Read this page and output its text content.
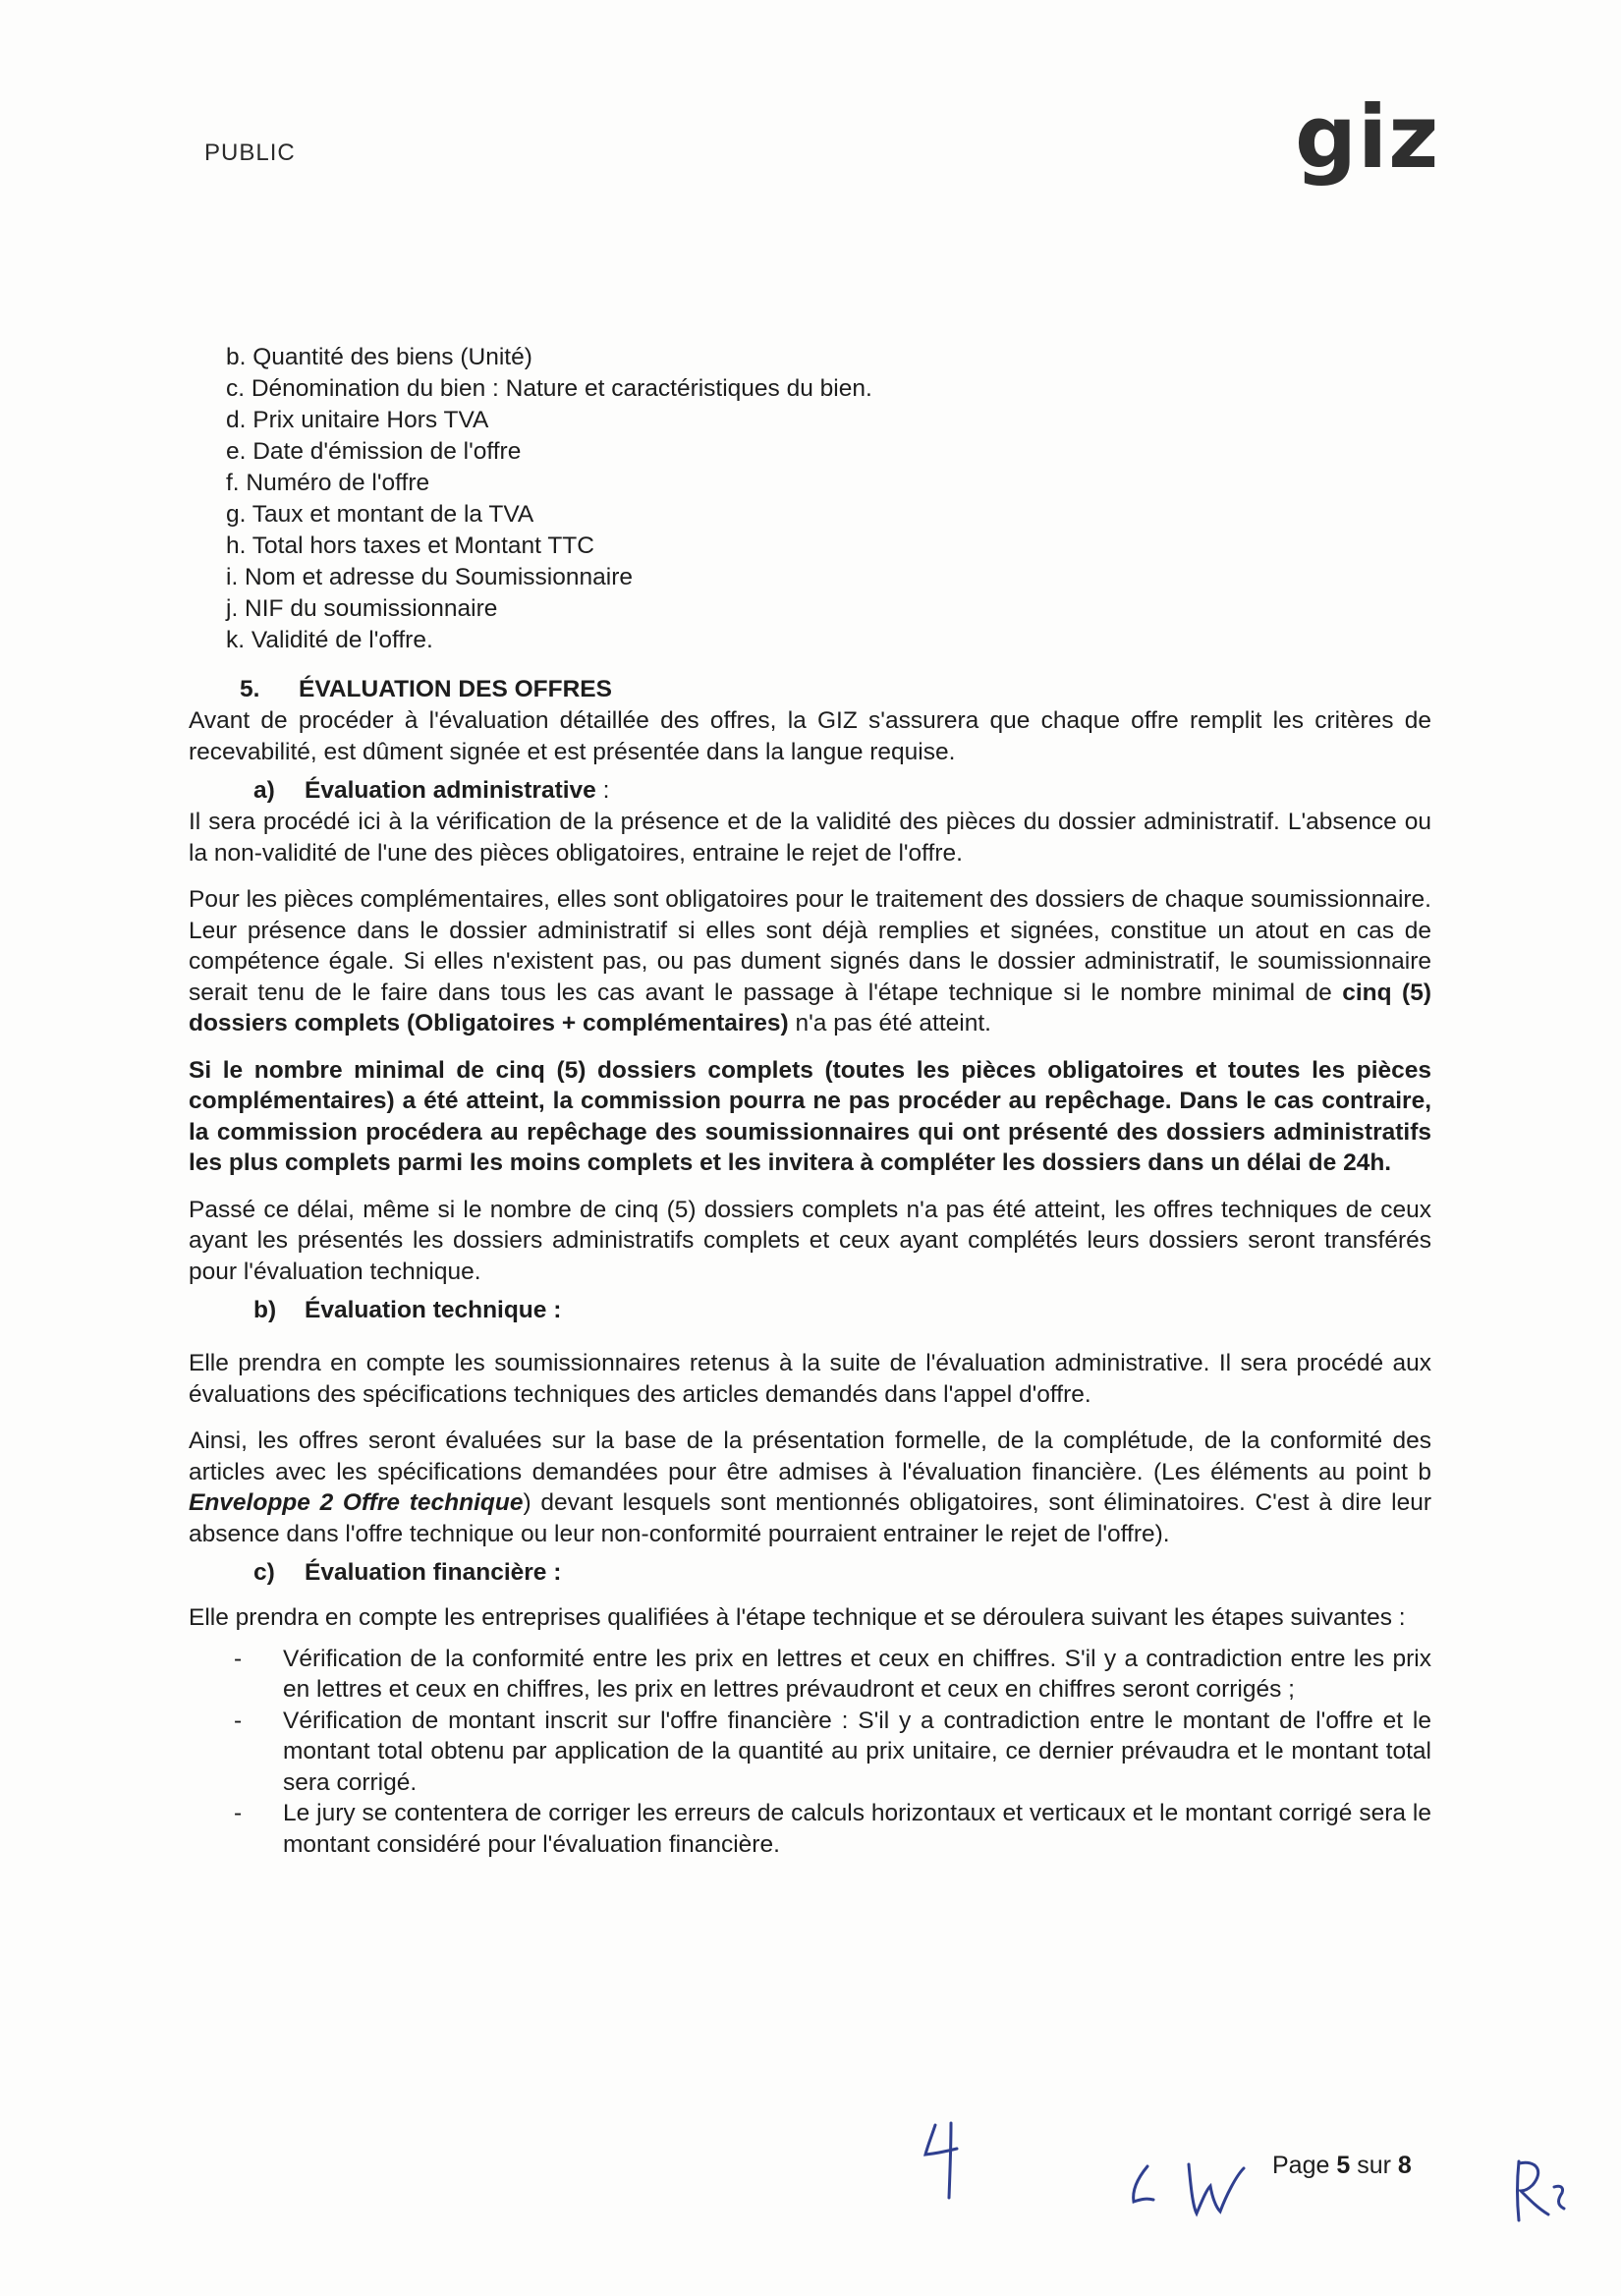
PUBLIC	giz
b. Quantité des biens (Unité)
c. Dénomination du bien : Nature et caractéristiques du bien.
d. Prix unitaire Hors TVA
e. Date d'émission de l'offre
f. Numéro de l'offre
g. Taux et montant de la TVA
h. Total hors taxes et Montant TTC
i. Nom et adresse du Soumissionnaire
j. NIF du soumissionnaire
k. Validité de l'offre.
5. ÉVALUATION DES OFFRES

Avant de procéder à l'évaluation détaillée des offres, la GIZ s'assurera que chaque offre remplit les critères de recevabilité, est dûment signée et est présentée dans la langue requise.

a) Évaluation administrative :

Il sera procédé ici à la vérification de la présence et de la validité des pièces du dossier administratif. L'absence ou la non-validité de l'une des pièces obligatoires, entraine le rejet de l'offre.

Pour les pièces complémentaires, elles sont obligatoires pour le traitement des dossiers de chaque soumissionnaire. Leur présence dans le dossier administratif si elles sont déjà remplies et signées, constitue un atout en cas de compétence égale. Si elles n'existent pas, ou pas dument signés dans le dossier administratif, le soumissionnaire serait tenu de le faire dans tous les cas avant le passage à l'étape technique si le nombre minimal de cinq (5) dossiers complets (Obligatoires + complémentaires) n'a pas été atteint.

Si le nombre minimal de cinq (5) dossiers complets (toutes les pièces obligatoires et toutes les pièces complémentaires) a été atteint, la commission pourra ne pas procéder au repêchage. Dans le cas contraire, la commission procédera au repêchage des soumissionnaires qui ont présenté des dossiers administratifs les plus complets parmi les moins complets et les invitera à compléter les dossiers dans un délai de 24h.

Passé ce délai, même si le nombre de cinq (5) dossiers complets n'a pas été atteint, les offres techniques de ceux ayant les présentés les dossiers administratifs complets et ceux ayant complétés leurs dossiers seront transférés pour l'évaluation technique.

b) Évaluation technique :

Elle prendra en compte les soumissionnaires retenus à la suite de l'évaluation administrative. Il sera procédé aux évaluations des spécifications techniques des articles demandés dans l'appel d'offre.

Ainsi, les offres seront évaluées sur la base de la présentation formelle, de la complétude, de la conformité des articles avec les spécifications demandées pour être admises à l'évaluation financière. (Les éléments au point b Enveloppe 2 Offre technique) devant lesquels sont mentionnés obligatoires, sont éliminatoires. C'est à dire leur absence dans l'offre technique ou leur non-conformité pourraient entrainer le rejet de l'offre).

c) Évaluation financière :

Elle prendra en compte les entreprises qualifiées à l'étape technique et se déroulera suivant les étapes suivantes :

-	Vérification de la conformité entre les prix en lettres et ceux en chiffres. S'il y a contradiction entre les prix en lettres et ceux en chiffres, les prix en lettres prévaudront et ceux en chiffres seront corrigés ;
-	Vérification de montant inscrit sur l'offre financière : S'il y a contradiction entre le montant de l'offre et le montant total obtenu par application de la quantité au prix unitaire, ce dernier prévaudra et le montant total sera corrigé.
-	Le jury se contentera de corriger les erreurs de calculs horizontaux et verticaux et le montant corrigé sera le montant considéré pour l'évaluation financière.
Page 5 sur 8
